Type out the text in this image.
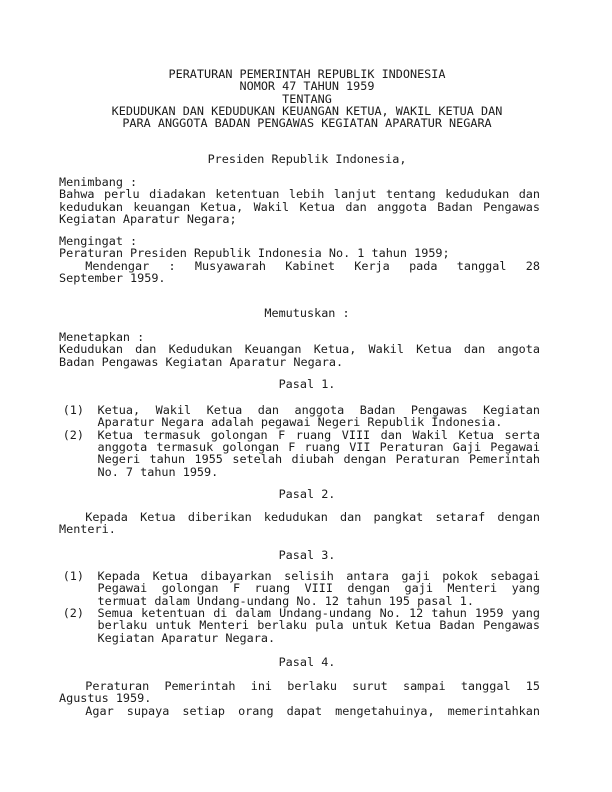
PERATURAN PEMERINTAH REPUBLIK INDONESIA
NOMOR 47 TAHUN 1959
TENTANG
KEDUDUKAN DAN KEDUDUKAN KEUANGAN KETUA, WAKIL KETUA DAN
PARA ANGGOTA BADAN PENGAWAS KEGIATAN APARATUR NEGARA
Presiden Republik Indonesia,
Menimbang :
Bahwa perlu diadakan ketentuan lebih lanjut tentang kedudukan dan
kedudukan keuangan Ketua, Wakil Ketua dan anggota Badan Pengawas
Kegiatan Aparatur Negara;
Mengingat :
Peraturan Presiden Republik Indonesia No. 1 tahun 1959;
Mendengar : Musyawarah Kabinet Kerja pada tanggal 28
September 1959.
Memutuskan :
Menetapkan :
Kedudukan dan Kedudukan Keuangan Ketua, Wakil Ketua dan angota
Badan Pengawas Kegiatan Aparatur Negara.
Pasal 1.
(1) Ketua, Wakil Ketua dan anggota Badan Pengawas Kegiatan
Aparatur Negara adalah pegawai Negeri Republik Indonesia.
(2) Ketua termasuk golongan F ruang VIII dan Wakil Ketua serta
anggota termasuk golongan F ruang VII Peraturan Gaji Pegawai
Negeri tahun 1955 setelah diubah dengan Peraturan Pemerintah
No. 7 tahun 1959.
Pasal 2.
Kepada Ketua diberikan kedudukan dan pangkat setaraf dengan
Menteri.
Pasal 3.
(1) Kepada Ketua dibayarkan selisih antara gaji pokok sebagai
Pegawai golongan F ruang VIII dengan gaji Menteri yang
termuat dalam Undang-undang No. 12 tahun 195 pasal 1.
(2) Semua ketentuan di dalam Undang-undang No. 12 tahun 1959 yang
berlaku untuk Menteri berlaku pula untuk Ketua Badan Pengawas
Kegiatan Aparatur Negara.
Pasal 4.
Peraturan Pemerintah ini berlaku surut sampai tanggal 15
Agustus 1959.
Agar supaya setiap orang dapat mengetahuinya, memerintahkan
